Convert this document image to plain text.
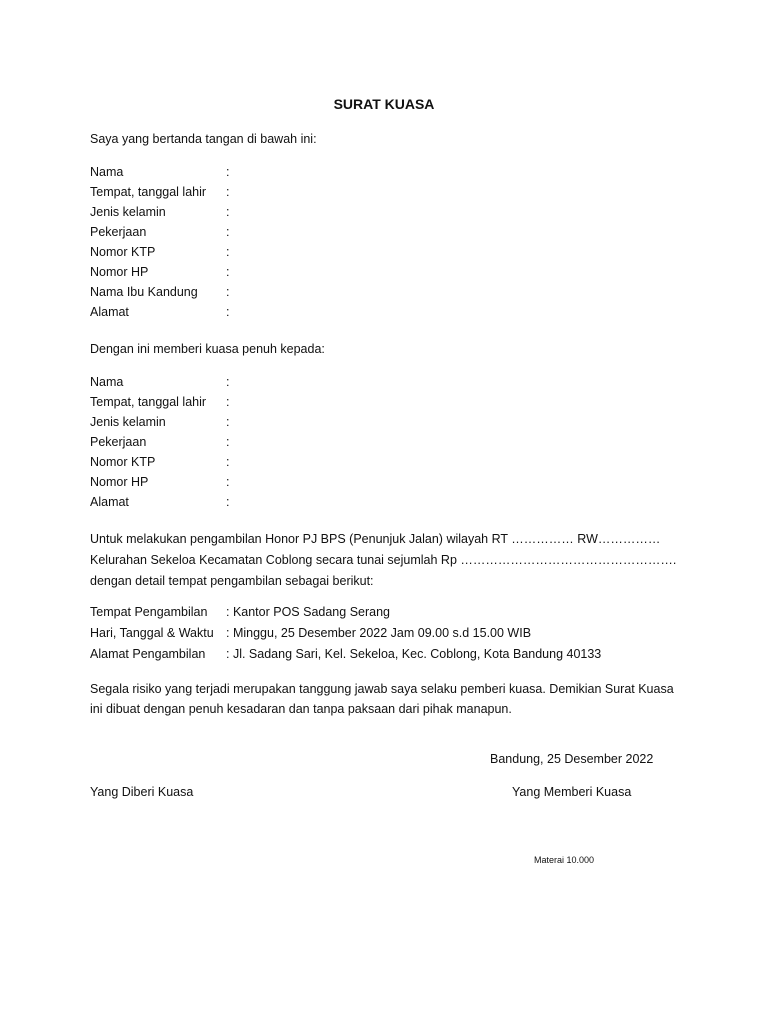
SURAT KUASA
Saya yang bertanda tangan di bawah ini:
Nama	:
Tempat, tanggal lahir :
Jenis kelamin	:
Pekerjaan	:
Nomor KTP	:
Nomor HP	:
Nama Ibu Kandung :
Alamat	:
Dengan ini memberi kuasa penuh kepada:
Nama	:
Tempat, tanggal lahir :
Jenis kelamin	:
Pekerjaan	:
Nomor KTP	:
Nomor HP	:
Alamat	:
Untuk melakukan pengambilan Honor PJ BPS (Penunjuk Jalan) wilayah RT …………… RW……………
Kelurahan Sekeloa Kecamatan Coblong secara tunai sejumlah Rp …………………………………………….
dengan detail tempat pengambilan sebagai berikut:
Tempat Pengambilan : Kantor POS Sadang Serang
Hari, Tanggal & Waktu : Minggu, 25 Desember 2022 Jam 09.00 s.d 15.00 WIB
Alamat Pengambilan : Jl. Sadang Sari, Kel. Sekeloa, Kec. Coblong, Kota Bandung 40133
Segala risiko yang terjadi merupakan tanggung jawab saya selaku pemberi kuasa. Demikian Surat Kuasa
ini dibuat dengan penuh kesadaran dan tanpa paksaan dari pihak manapun.
Bandung, 25 Desember 2022
Yang Diberi Kuasa	Yang Memberi Kuasa
Materai 10.000
